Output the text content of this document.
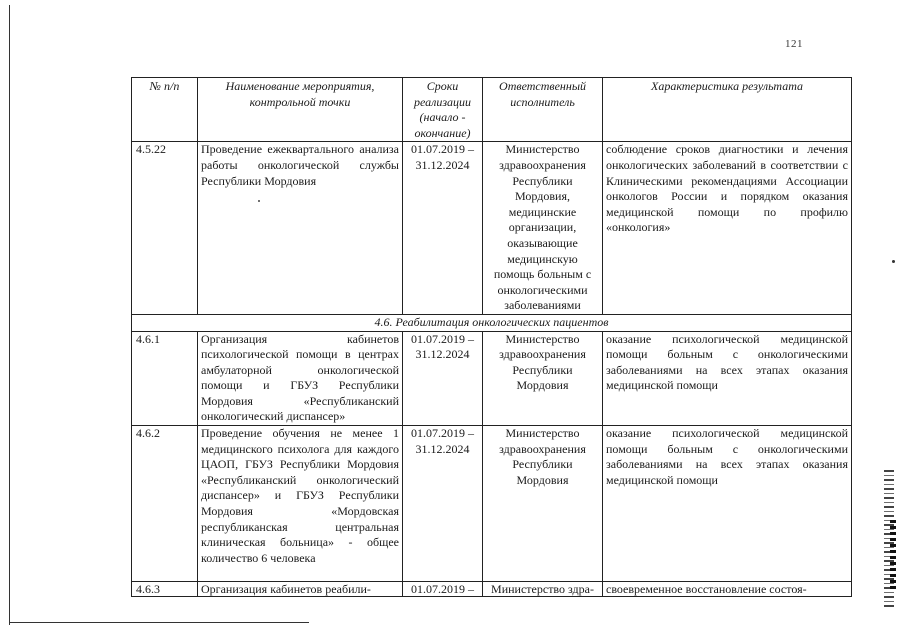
121
№ п/п	Наименование мероприятия, контрольной точки	Сроки реализации (начало - окончание)	Ответственный исполнитель	Характеристика результата
4.5.22	Проведение ежеквартального анализа работы онкологической службы Республики Мордовия	01.07.2019 – 31.12.2024	Министерство здравоохранения Республики Мордовия, медицинские организации, оказывающие медицинскую помощь больным с онкологическими заболеваниями	соблюдение сроков диагностики и лечения онкологических заболеваний в соответствии с Клиническими рекомендациями Ассоциации онкологов России и порядком оказания медицинской помощи по профилю «онкология»
4.6. Реабилитация онкологических пациентов				
4.6.1	Организация кабинетов психологической помощи в центрах амбулаторной онкологической помощи и ГБУЗ Республики Мордовия «Республиканский онкологический диспансер»	01.07.2019 – 31.12.2024	Министерство здравоохранения Республики Мордовия	оказание психологической медицинской помощи больным с онкологическими заболеваниями на всех этапах оказания медицинской помощи
4.6.2	Проведение обучения не менее 1 медицинского психолога для каждого ЦАОП, ГБУЗ Республики Мордовия «Республиканский онкологический диспансер» и ГБУЗ Республики Мордовия «Мордовская республиканская центральная клиническая больница» - общее количество 6 человека	01.07.2019 – 31.12.2024	Министерство здравоохранения Республики Мордовия	оказание психологической медицинской помощи больным с онкологическими заболеваниями на всех этапах оказания медицинской помощи

4.6.3	Организация кабинетов реабили-	01.07.2019 –	Министерство здра-	своевременное восстановление состоя-
